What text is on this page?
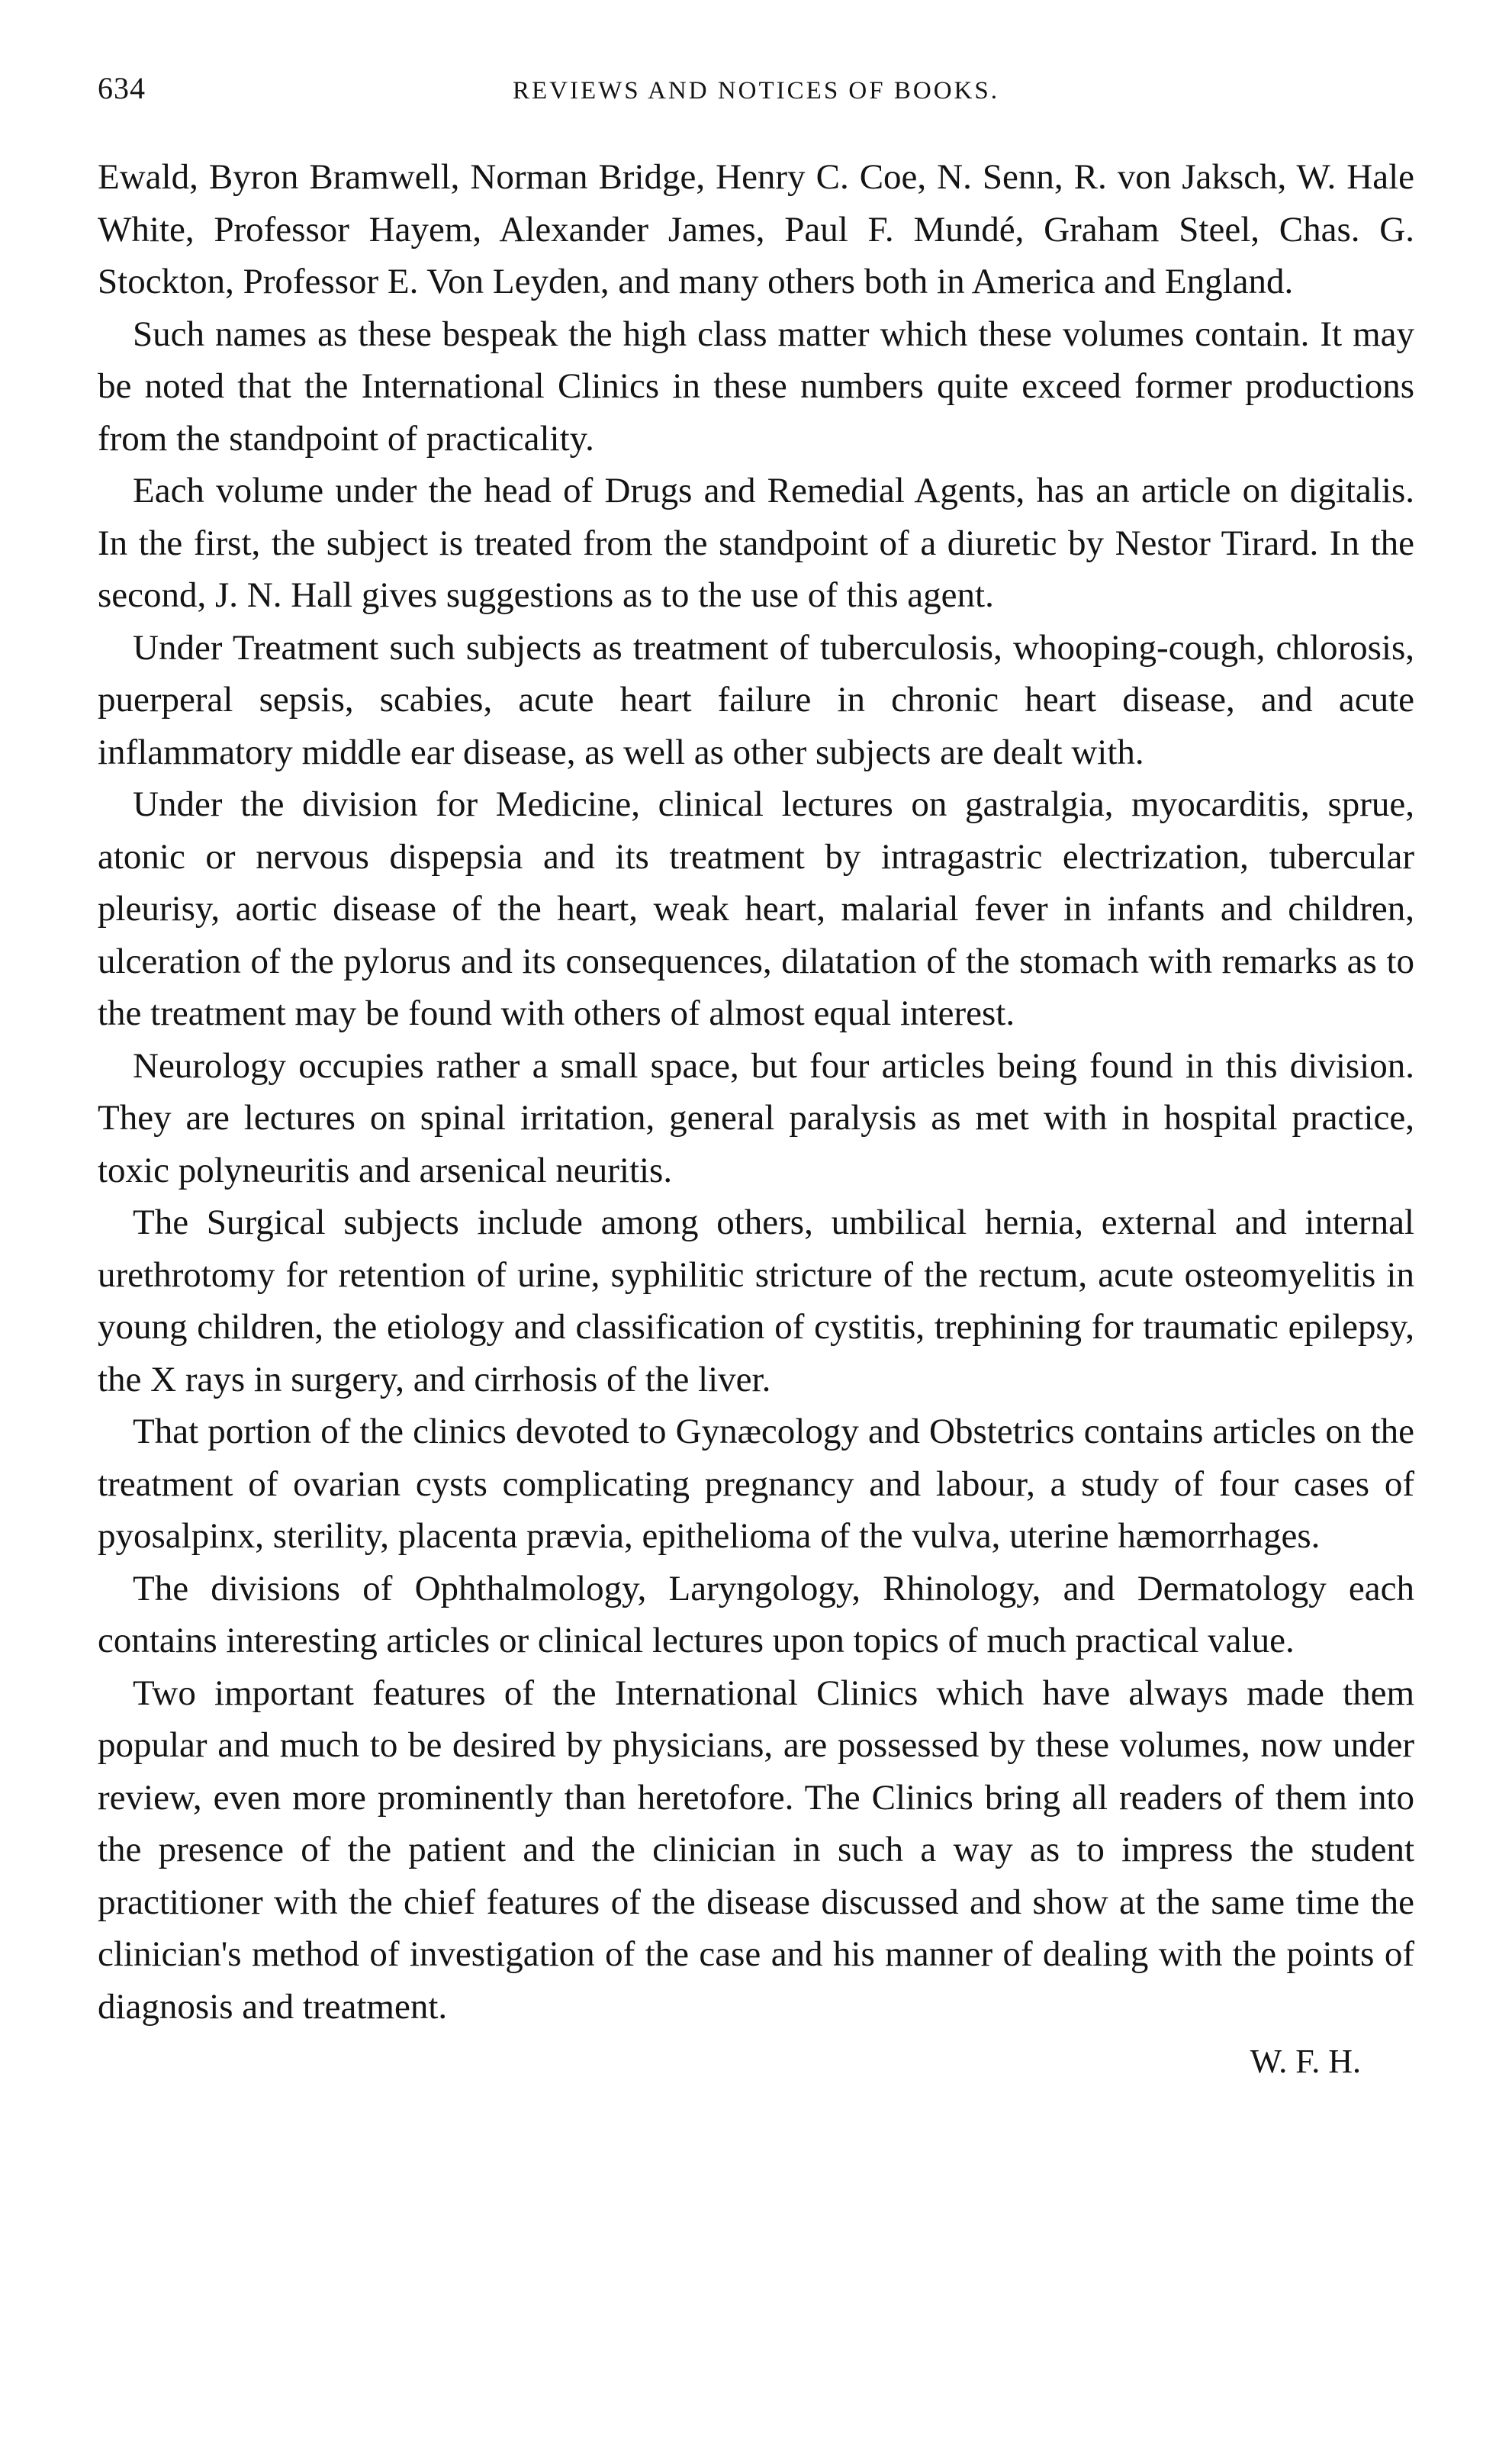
634	REVIEWS AND NOTICES OF BOOKS.

Ewald, Byron Bramwell, Norman Bridge, Henry C. Coe, N. Senn, R. von Jaksch, W. Hale White, Professor Hayem, Alexander James, Paul F. Mundé, Graham Steel, Chas. G. Stockton, Professor E. Von Leyden, and many others both in America and England.

Such names as these bespeak the high class matter which these volumes contain. It may be noted that the International Clinics in these numbers quite exceed former productions from the standpoint of practicality.

Each volume under the head of Drugs and Remedial Agents, has an article on digitalis. In the first, the subject is treated from the standpoint of a diuretic by Nestor Tirard. In the second, J. N. Hall gives suggestions as to the use of this agent.

Under Treatment such subjects as treatment of tuberculosis, whooping-cough, chlorosis, puerperal sepsis, scabies, acute heart failure in chronic heart disease, and acute inflammatory middle ear disease, as well as other subjects are dealt with.

Under the division for Medicine, clinical lectures on gastralgia, myocarditis, sprue, atonic or nervous dispepsia and its treatment by intragastric electrization, tubercular pleurisy, aortic disease of the heart, weak heart, malarial fever in infants and children, ulceration of the pylorus and its consequences, dilatation of the stomach with remarks as to the treatment may be found with others of almost equal interest.

Neurology occupies rather a small space, but four articles being found in this division. They are lectures on spinal irritation, general paralysis as met with in hospital practice, toxic polyneuritis and arsenical neuritis.

The Surgical subjects include among others, umbilical hernia, external and internal urethrotomy for retention of urine, syphilitic stricture of the rectum, acute osteomyelitis in young children, the etiology and classification of cystitis, trephining for traumatic epilepsy, the X rays in surgery, and cirrhosis of the liver.

That portion of the clinics devoted to Gynæcology and Obstetrics contains articles on the treatment of ovarian cysts complicating pregnancy and labour, a study of four cases of pyosalpinx, sterility, placenta prævia, epithelioma of the vulva, uterine hæmorrhages.

The divisions of Ophthalmology, Laryngology, Rhinology, and Dermatology each contains interesting articles or clinical lectures upon topics of much practical value.

Two important features of the International Clinics which have always made them popular and much to be desired by physicians, are possessed by these volumes, now under review, even more prominently than heretofore. The Clinics bring all readers of them into the presence of the patient and the clinician in such a way as to impress the student practitioner with the chief features of the disease discussed and show at the same time the clinician's method of investigation of the case and his manner of dealing with the points of diagnosis and treatment.

W. F. H.
